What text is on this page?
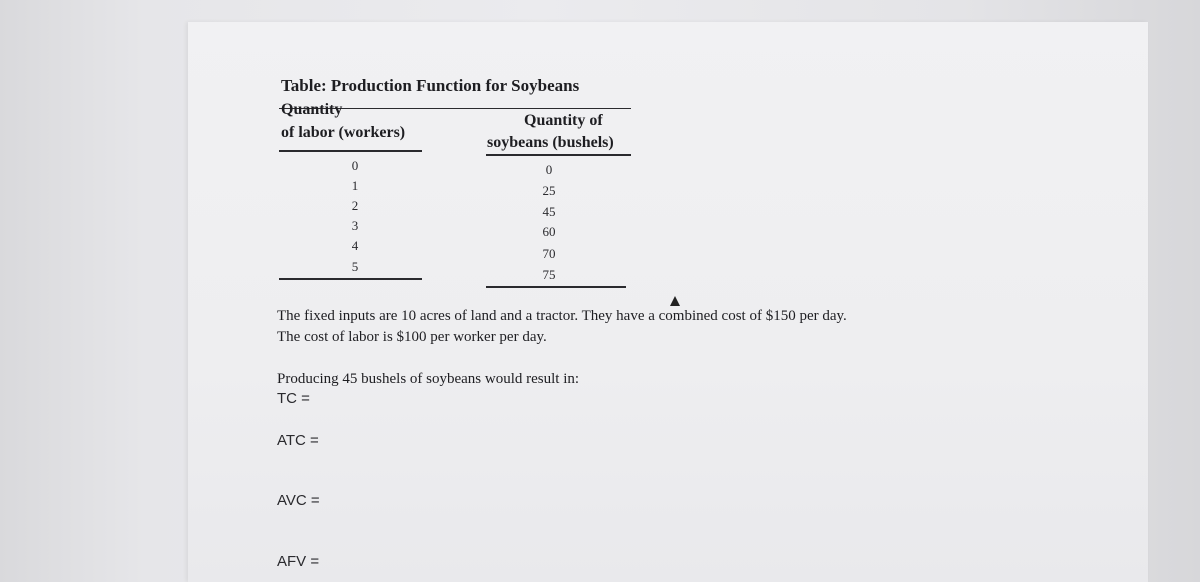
Table: Production Function for Soybeans
Quantity
of labor (workers)
Quantity of
soybeans (bushels)
0
1
2
3
4
5
0
25
45
60
70
75
The fixed inputs are 10 acres of land and a tractor. They have a combined cost of $150 per day.
The cost of labor is $100 per worker per day.
Producing 45 bushels of soybeans would result in:
TC =
ATC =
AVC =
AFV =
